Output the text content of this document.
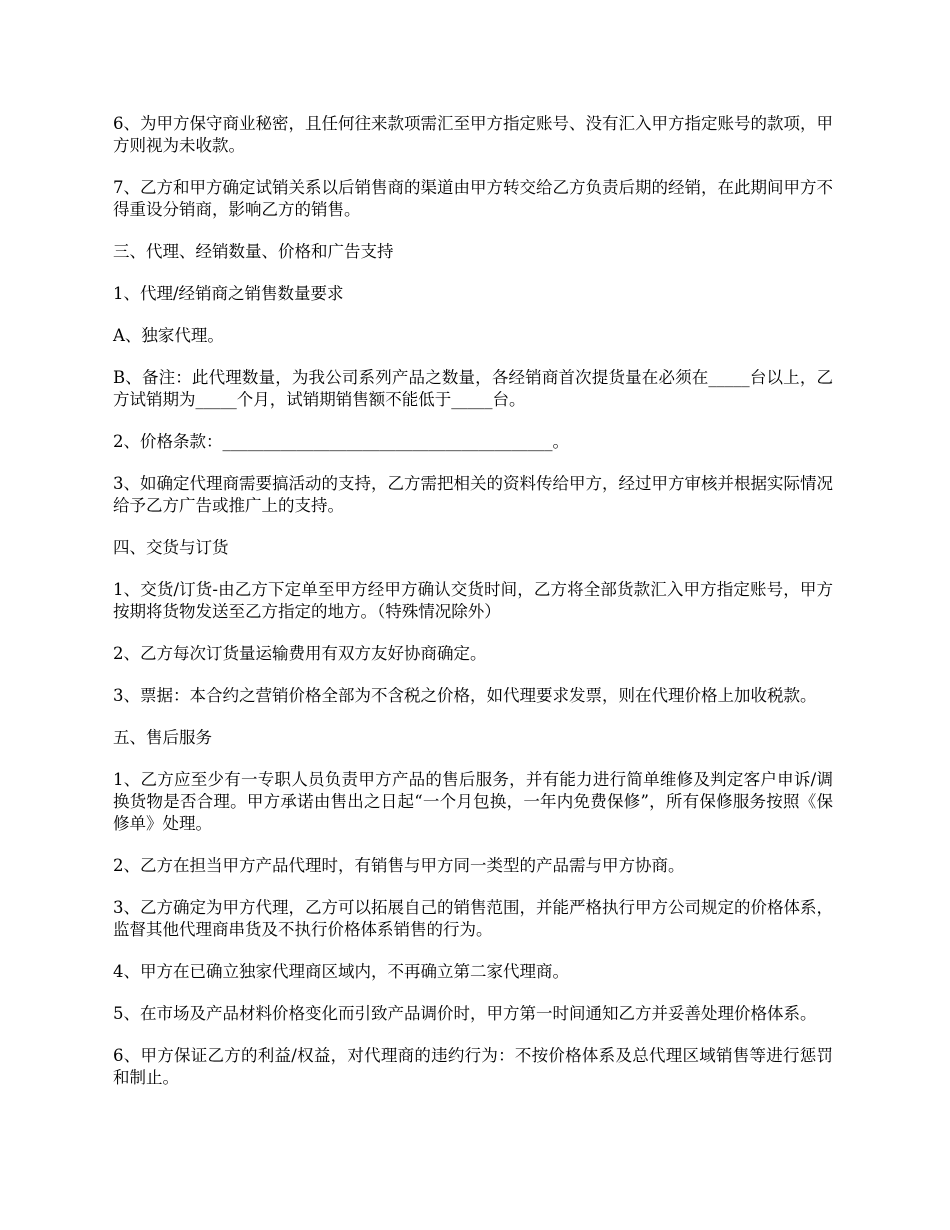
6、为甲方保守商业秘密，且任何往来款项需汇至甲方指定账号、没有汇入甲方指定账号的款项，甲方则视为未收款。

7、乙方和甲方确定试销关系以后销售商的渠道由甲方转交给乙方负责后期的经销，在此期间甲方不得重设分销商，影响乙方的销售。

三、代理、经销数量、价格和广告支持

1、代理/经销商之销售数量要求

A、独家代理。

B、备注：此代理数量，为我公司系列产品之数量，各经销商首次提货量在必须在_____台以上，乙方试销期为_____个月，试销期销售额不能低于_____台。

2、价格条款：________________________________________。

3、如确定代理商需要搞活动的支持，乙方需把相关的资料传给甲方，经过甲方审核并根据实际情况给予乙方广告或推广上的支持。

四、交货与订货

1、交货/订货-由乙方下定单至甲方经甲方确认交货时间，乙方将全部货款汇入甲方指定账号，甲方按期将货物发送至乙方指定的地方。（特殊情况除外）

2、乙方每次订货量运输费用有双方友好协商确定。

3、票据：本合约之营销价格全部为不含税之价格，如代理要求发票，则在代理价格上加收税款。

五、售后服务

1、乙方应至少有一专职人员负责甲方产品的售后服务，并有能力进行简单维修及判定客户申诉/调换货物是否合理。甲方承诺由售出之日起“一个月包换，一年内免费保修”，所有保修服务按照《保修单》处理。

2、乙方在担当甲方产品代理时，有销售与甲方同一类型的产品需与甲方协商。

3、乙方确定为甲方代理，乙方可以拓展自己的销售范围，并能严格执行甲方公司规定的价格体系，监督其他代理商串货及不执行价格体系销售的行为。

4、甲方在已确立独家代理商区域内，不再确立第二家代理商。

5、在市场及产品材料价格变化而引致产品调价时，甲方第一时间通知乙方并妥善处理价格体系。

6、甲方保证乙方的利益/权益，对代理商的违约行为：不按价格体系及总代理区域销售等进行惩罚和制止。
